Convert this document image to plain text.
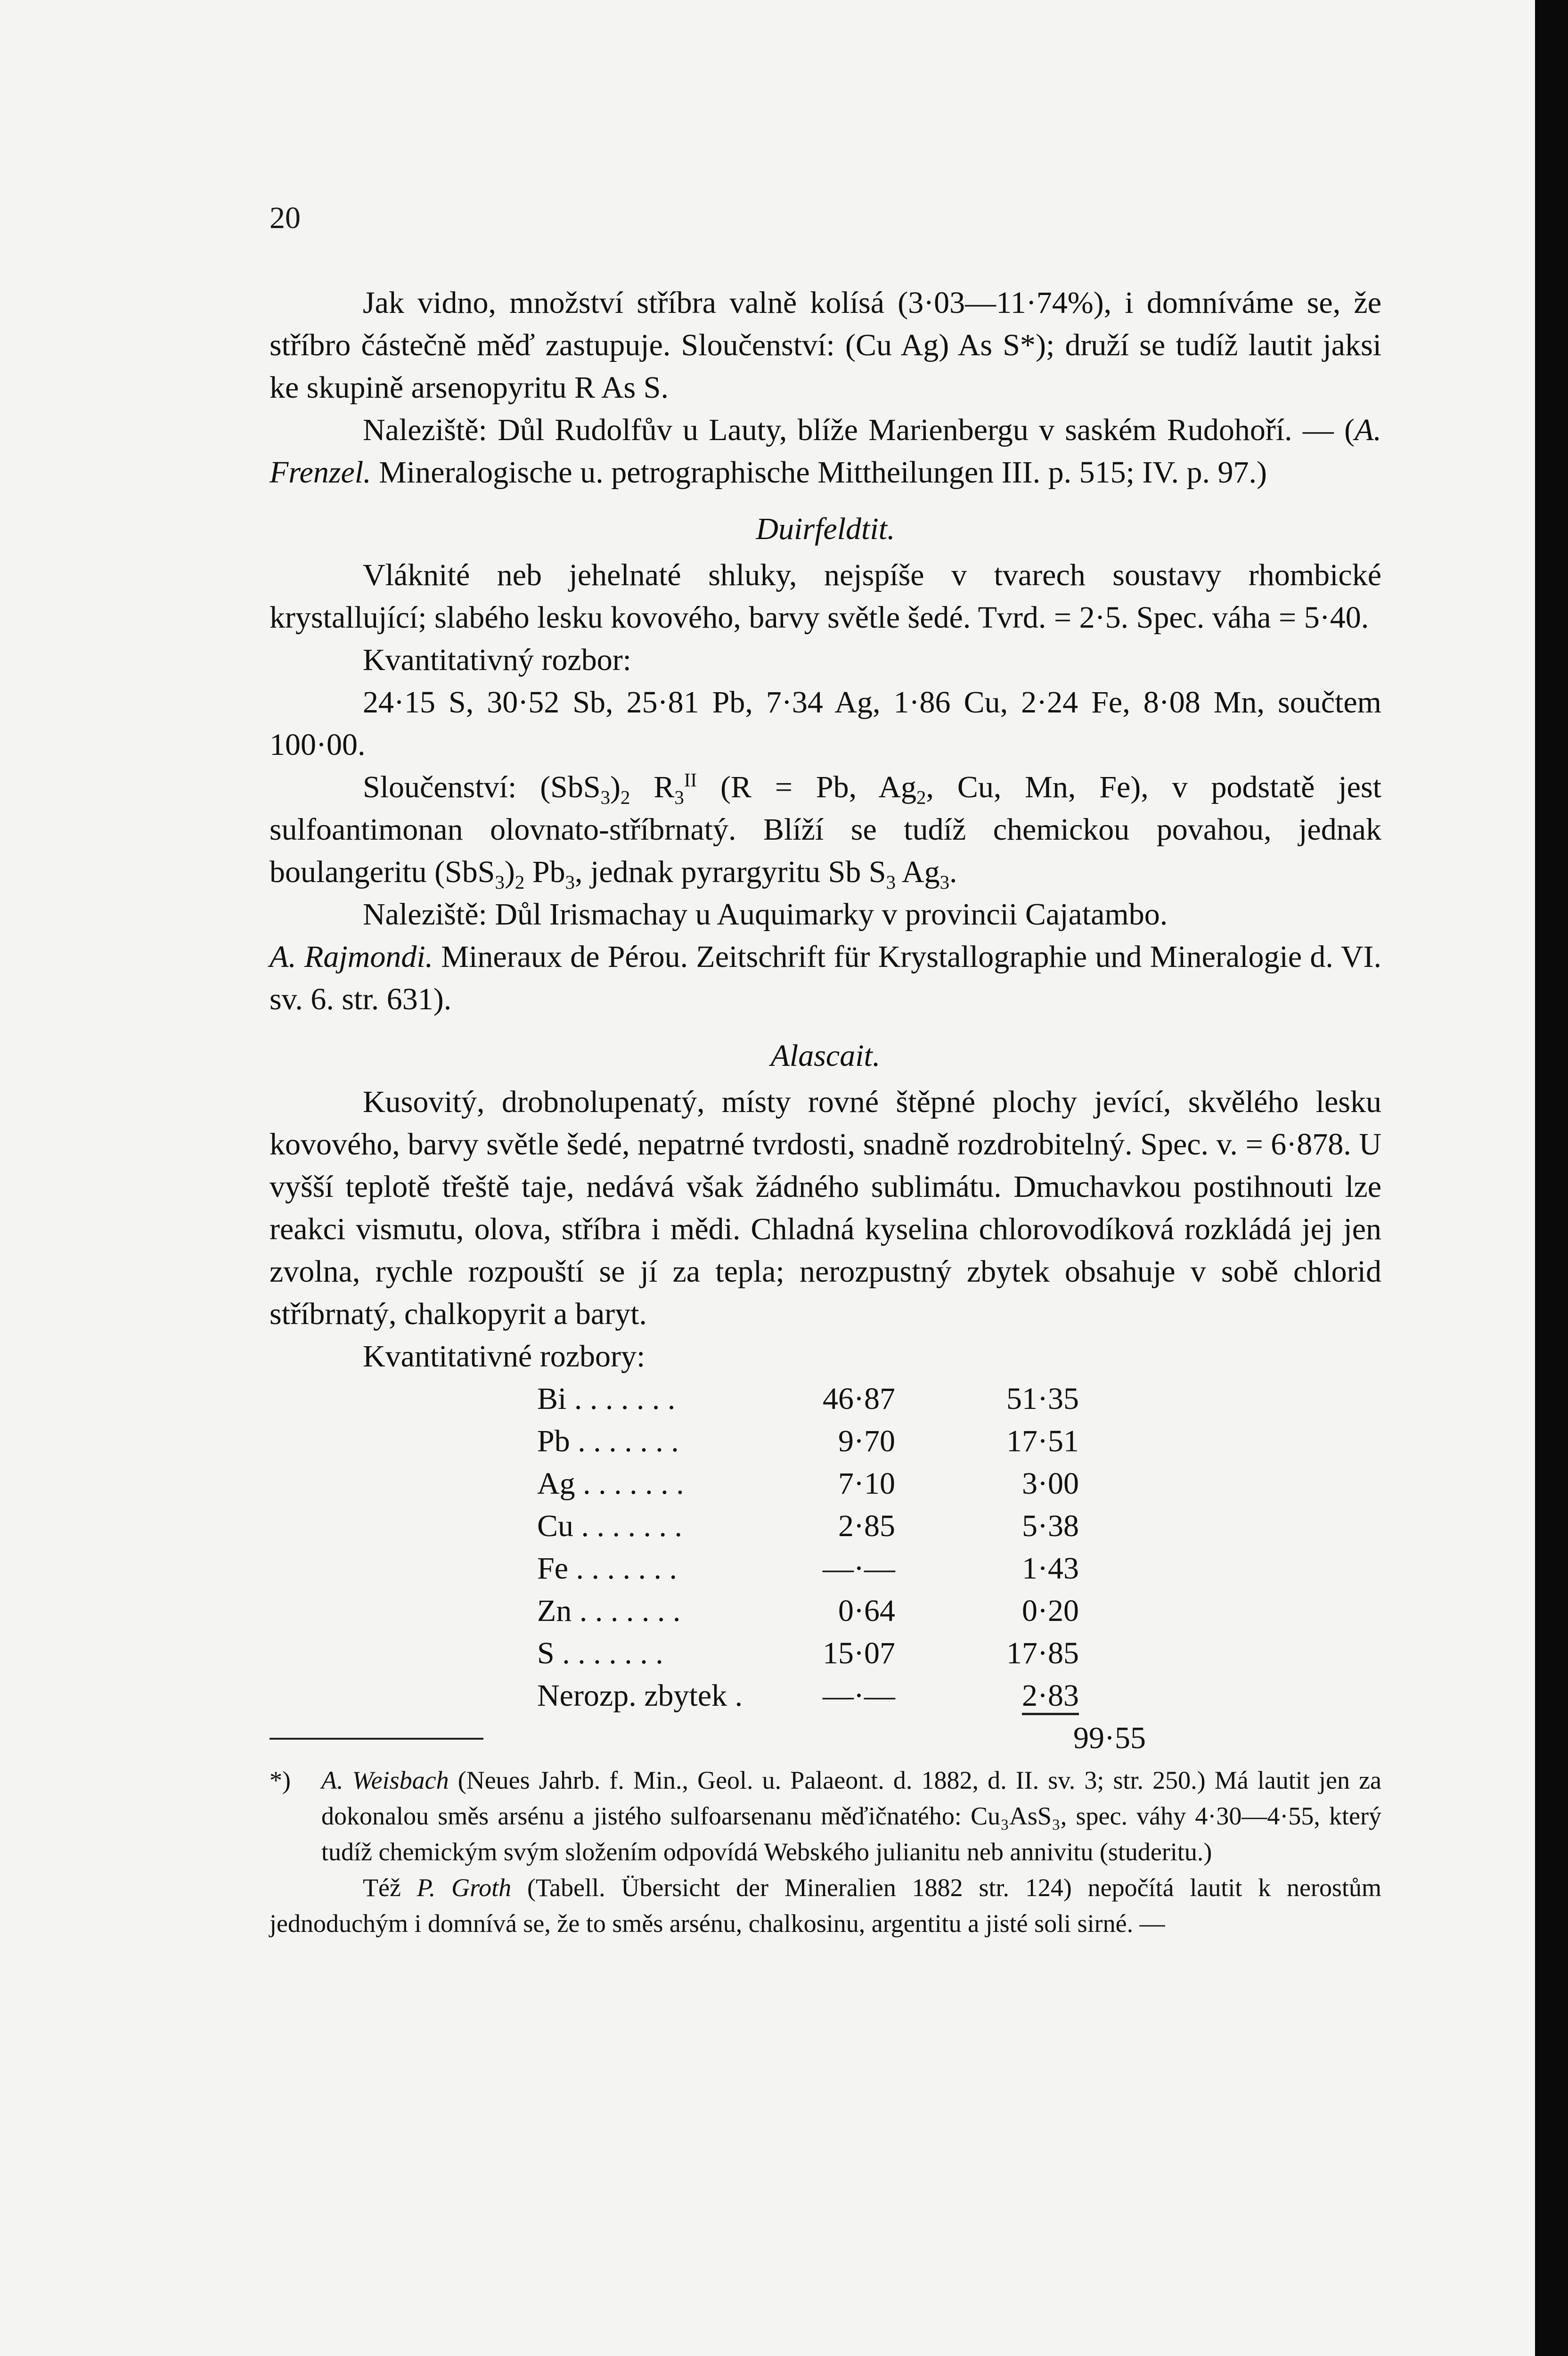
20

Jak vidno, množství stříbra valně kolísá (3·03—11·74%), i domníváme se, že stříbro částečně měď zastupuje. Sloučenství: (Cu Ag) As S*); druží se tudíž lautit jaksi ke skupině arsenopyritu R As S.

Naleziště: Důl Rudolfův u Lauty, blíže Marienbergu v saském Rudohoří. — (A. Frenzel. Mineralogische u. petrographische Mittheilungen III. p. 515; IV. p. 97.)

Duirfeldtit.

Vláknité neb jehelnaté shluky, nejspíše v tvarech soustavy rhombické krystallující; slabého lesku kovového, barvy světle šedé. Tvrd. = 2·5. Spec. váha = 5·40.

Kvantitativný rozbor:

24·15 S, 30·52 Sb, 25·81 Pb, 7·34 Ag, 1·86 Cu, 2·24 Fe, 8·08 Mn, součtem 100·00.

Sloučenství: $(SbS_3)_2$ $R_3^{II}$ (R = Pb, $Ag_2$, Cu, Mn, Fe), v podstatě jest sulfoantimonan olovnato-stříbrnatý. Blíží se tudíž chemickou povahou, jednak boulangeritu $(SbS_3)_2$ $Pb_3$, jednak pyrargyritu Sb $S_3$ $Ag_3$.

Naleziště: Důl Irismachay u Auquimarky v provincii Cajatambo.

A. Rajmondi. Mineraux de Pérou. Zeitschrift für Krystallographie und Mineralogie d. VI. sv. 6. str. 631).

Alascait.

Kusovitý, drobnolupenatý, místy rovné štěpné plochy jevící, skvělého lesku kovového, barvy světle šedé, nepatrné tvrdosti, snadně rozdrobitelný. Spec. v. = 6·878. U vyšší teplotě třeště taje, nedává však žádného sublimátu. Dmuchavkou postihnouti lze reakci vismutu, olova, stříbra i mědi. Chladná kyselina chlorovodíková rozkládá jej jen zvolna, rychle rozpouští se jí za tepla; nerozpustný zbytek obsahuje v sobě chlorid stříbrnatý, chalkopyrit a baryt.

Kvantitativné rozbory:

Bi . . . . . . .	46·87		51·35
Pb . . . . . . .	9·70		17·51
Ag . . . . . . .	7·10		3·00
Cu . . . . . . .	2·85		5·38
Fe . . . . . . .	—·—		1·43
Zn . . . . . . .	0·64		0·20
S . . . . . . .	15·07		17·85
Nerozp. zbytek .	—·—		2·83
99·55

*) A. Weisbach (Neues Jahrb. f. Min., Geol. u. Palaeont. d. 1882, d. II. sv. 3; str. 250.) Má lautit jen za dokonalou směs arsénu a jistého sulfoarsenanu měďičnatého: Cu₃AsS₃, spec. váhy 4·30—4·55, který tudíž chemickým svým složením odpovídá Webského julianitu neb annivitu (studeritu.)

Též P. Groth (Tabell. Übersicht der Mineralien 1882 str. 124) nepočítá lautit k nerostům jednoduchým i domnívá se, že to směs arsénu, chalkosinu, argentitu a jisté soli sirné. —
